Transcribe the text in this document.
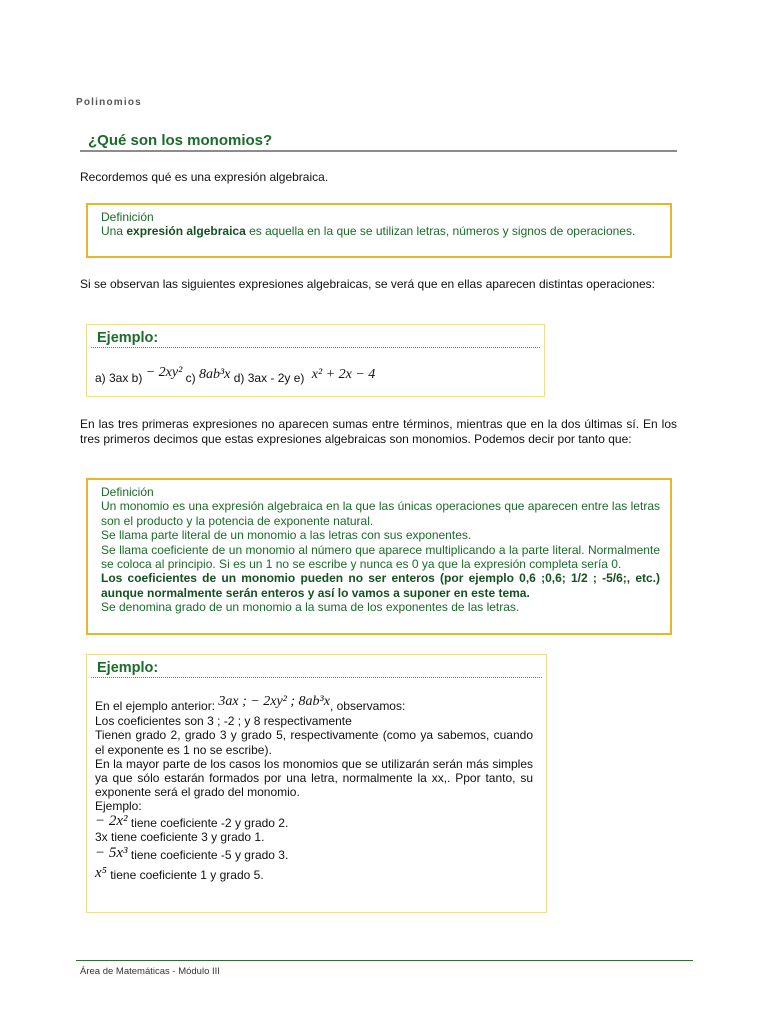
Polinomios
¿Qué son los monomios?
Recordemos qué es una expresión algebraica.
Definición
Una expresión algebraica es aquella en la que se utilizan letras, números y signos de operaciones.
Si se observan las siguientes expresiones algebraicas, se verá que en ellas aparecen distintas operaciones:
Ejemplo:
a) 3ax b) − 2xy² c) 8ab³x d) 3ax - 2y e) x² + 2x − 4
En las tres primeras expresiones no aparecen sumas entre términos, mientras que en la dos últimas sí. En los tres primeros decimos que estas expresiones algebraicas son monomios. Podemos decir por tanto que:
Definición
Un monomio es una expresión algebraica en la que las únicas operaciones que aparecen entre las letras son el producto y la potencia de exponente natural.
Se llama parte literal de un monomio a las letras con sus exponentes.
Se llama coeficiente de un monomio al número que aparece multiplicando a la parte literal. Normalmente se coloca al principio. Si es un 1 no se escribe y nunca es 0 ya que la expresión completa sería 0.
Los coeficientes de un monomio pueden no ser enteros (por ejemplo 0,6 ;0,6; 1/2 ; -5/6;, etc.) aunque normalmente serán enteros y así lo vamos a suponer en este tema.
Se denomina grado de un monomio a la suma de los exponentes de las letras.
Ejemplo:
En el ejemplo anterior: 3ax ; − 2xy² ; 8ab³x, observamos:
Los coeficientes son 3 ; -2 ; y 8 respectivamente
Tienen grado 2, grado 3 y grado 5, respectivamente (como ya sabemos, cuando el exponente es 1 no se escribe).
En la mayor parte de los casos los monomios que se utilizarán serán más simples ya que sólo estarán formados por una letra, normalmente la xx,. Ppor tanto, su exponente será el grado del monomio.
Ejemplo:
− 2x² tiene coeficiente -2 y grado 2.
3x tiene coeficiente 3 y grado 1.
− 5x³ tiene coeficiente -5 y grado 3.
x⁵ tiene coeficiente 1 y grado 5.
Área de Matemáticas - Módulo III
